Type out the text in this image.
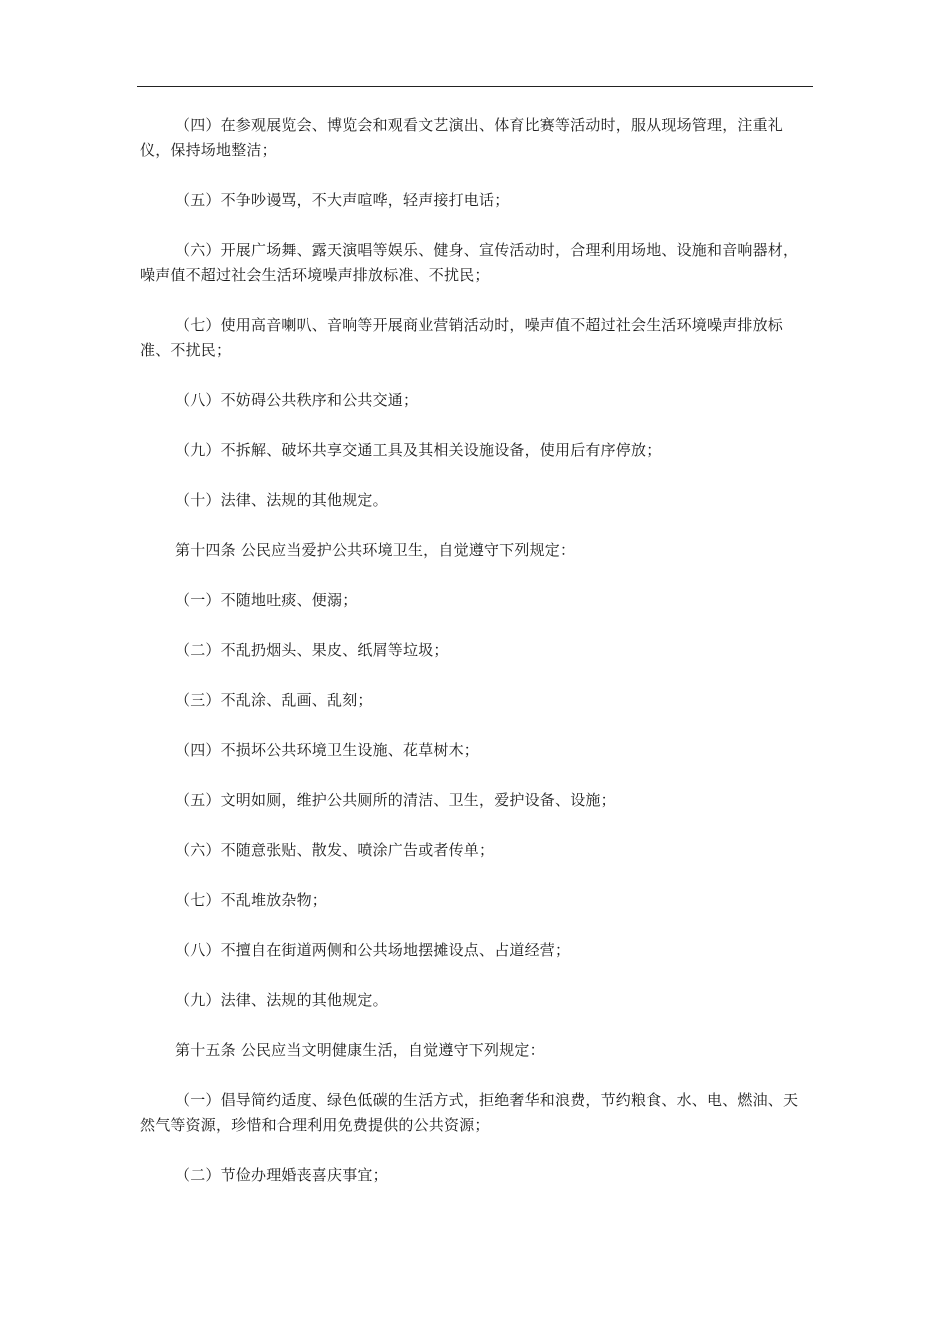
（四）在参观展览会、博览会和观看文艺演出、体育比赛等活动时，服从现场管理，注重礼仪，保持场地整洁；

（五）不争吵谩骂，不大声喧哗，轻声接打电话；

（六）开展广场舞、露天演唱等娱乐、健身、宣传活动时，合理利用场地、设施和音响器材，噪声值不超过社会生活环境噪声排放标准、不扰民；

（七）使用高音喇叭、音响等开展商业营销活动时，噪声值不超过社会生活环境噪声排放标准、不扰民；

（八）不妨碍公共秩序和公共交通；

（九）不拆解、破坏共享交通工具及其相关设施设备，使用后有序停放；

（十）法律、法规的其他规定。

第十四条 公民应当爱护公共环境卫生，自觉遵守下列规定：

（一）不随地吐痰、便溺；

（二）不乱扔烟头、果皮、纸屑等垃圾；

（三）不乱涂、乱画、乱刻；

（四）不损坏公共环境卫生设施、花草树木；

（五）文明如厕，维护公共厕所的清洁、卫生，爱护设备、设施；

（六）不随意张贴、散发、喷涂广告或者传单；

（七）不乱堆放杂物；

（八）不擅自在街道两侧和公共场地摆摊设点、占道经营；

（九）法律、法规的其他规定。

第十五条 公民应当文明健康生活，自觉遵守下列规定：

（一）倡导简约适度、绿色低碳的生活方式，拒绝奢华和浪费，节约粮食、水、电、燃油、天然气等资源，珍惜和合理利用免费提供的公共资源；

（二）节俭办理婚丧喜庆事宜；
